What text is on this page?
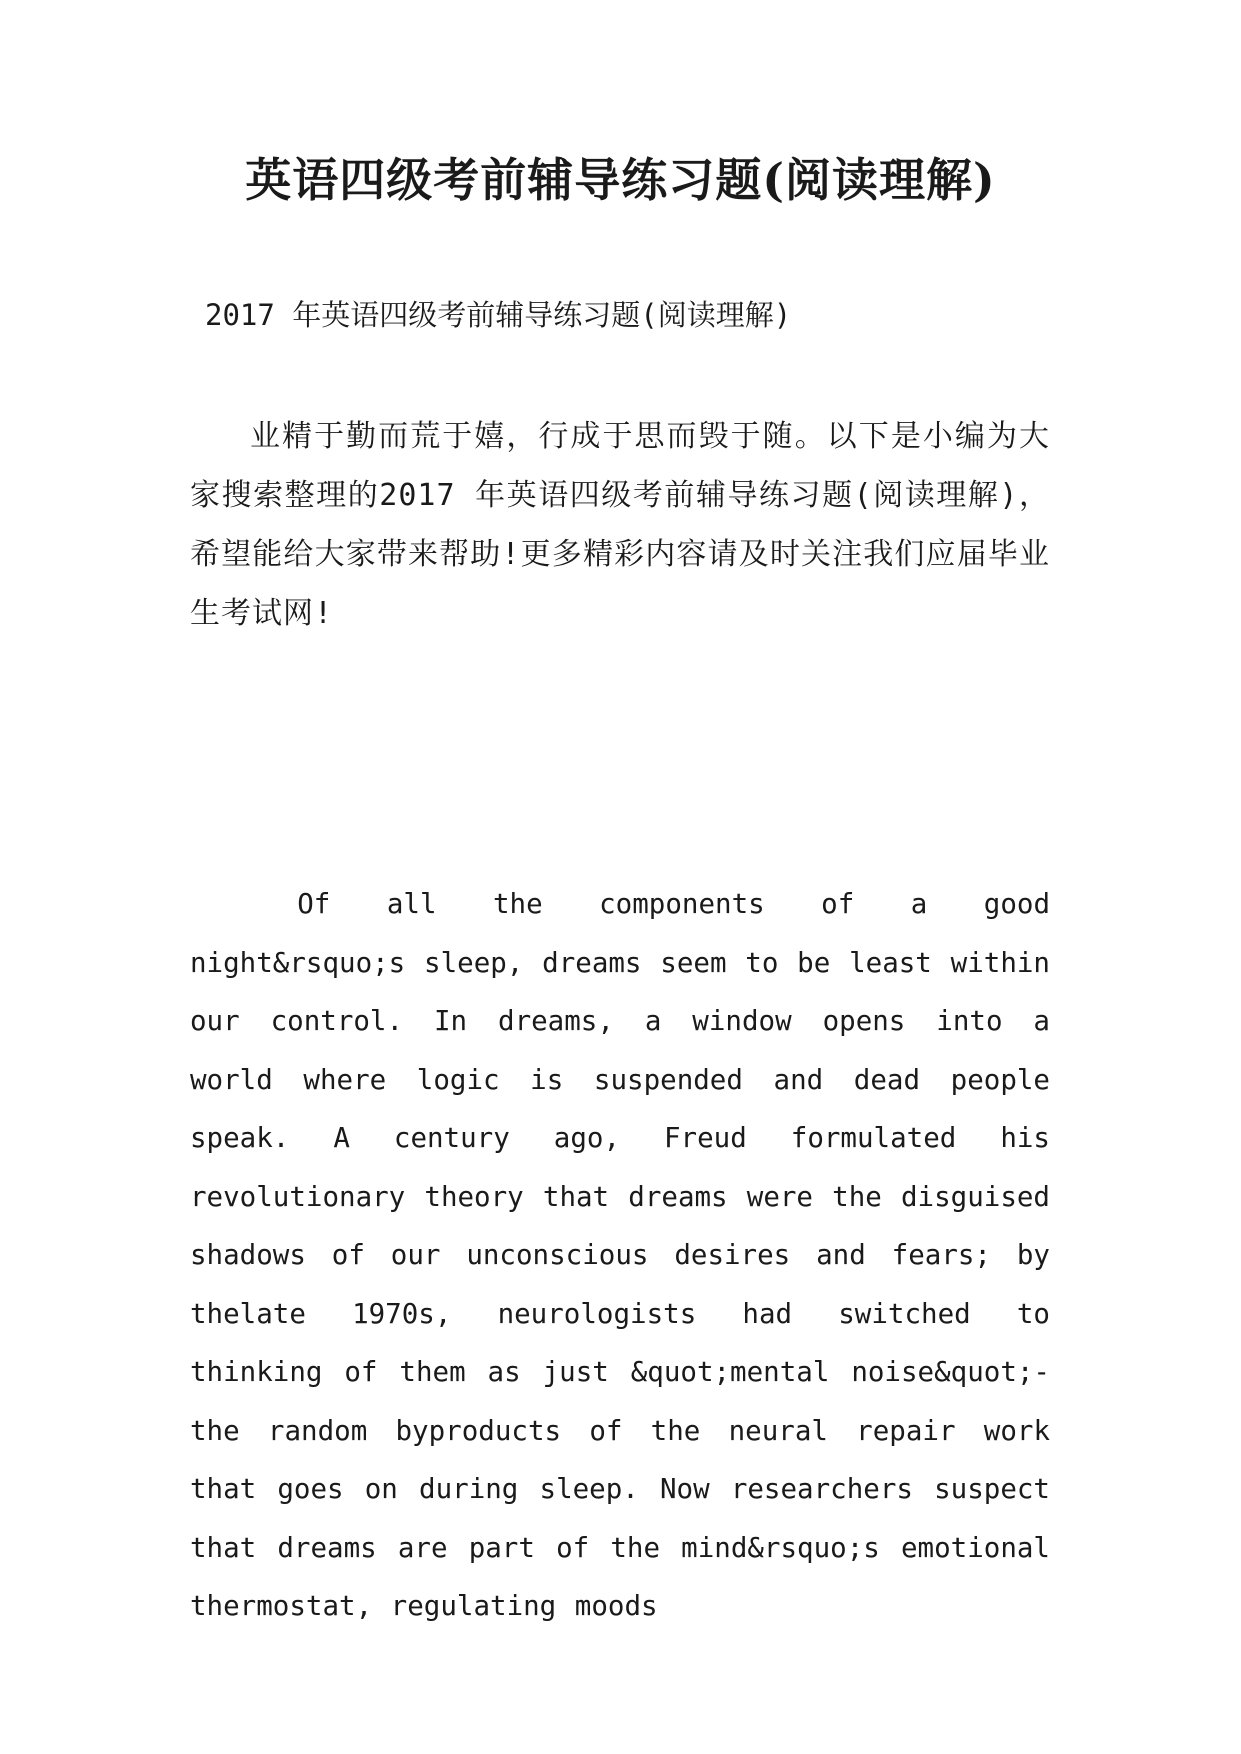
英语四级考前辅导练习题(阅读理解)

2017 年英语四级考前辅导练习题(阅读理解)

业精于勤而荒于嬉，行成于思而毁于随。以下是小编为大家搜索整理的2017 年英语四级考前辅导练习题(阅读理解)，希望能给大家带来帮助!更多精彩内容请及时关注我们应届毕业生考试网!

Of all the components of a good night&rsquo;s sleep, dreams seem to be least within our control. In dreams, a window opens into a world where logic is suspended and dead people speak. A century ago, Freud formulated his revolutionary theory that dreams were the disguised shadows of our unconscious desires and fears; by thelate 1970s, neurologists had switched to thinking of them as just &quot;mental noise&quot;-the random byproducts of the neural repair work that goes on during sleep. Now researchers suspect that dreams are part of the mind&rsquo;s emotional thermostat, regulating moods
